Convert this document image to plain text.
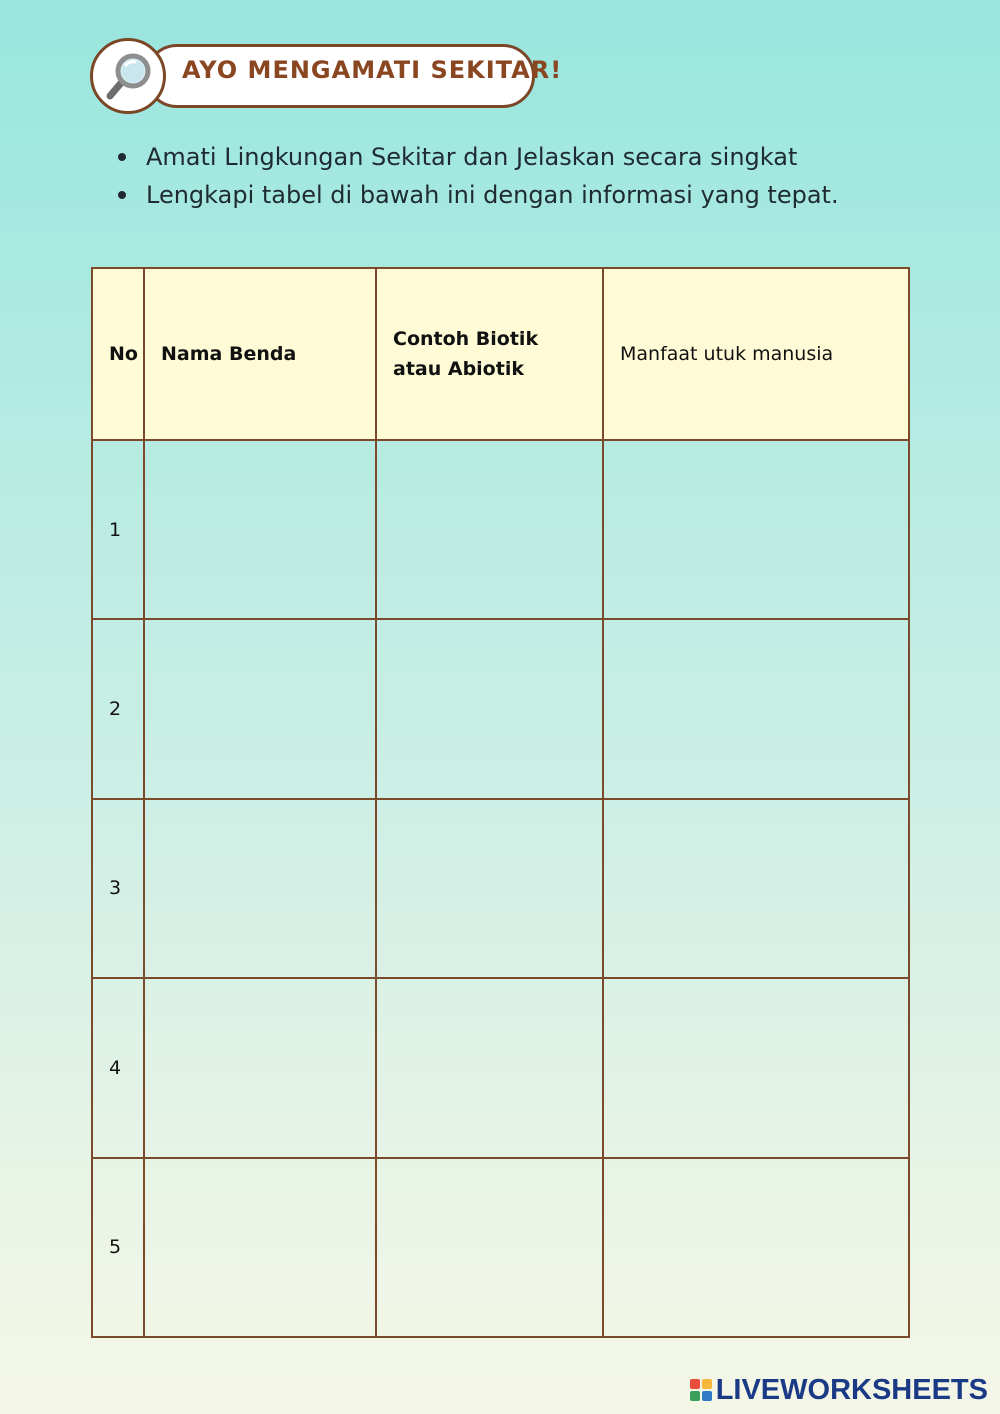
AYO MENGAMATI SEKITAR!
Amati Lingkungan Sekitar dan Jelaskan secara singkat
Lengkapi tabel di bawah ini dengan informasi yang tepat.
No	Nama Benda	Contoh Biotik atau Abiotik	Manfaat utuk manusia
1			
2			
3			
4			
5			
LIVEWORKSHEETS
